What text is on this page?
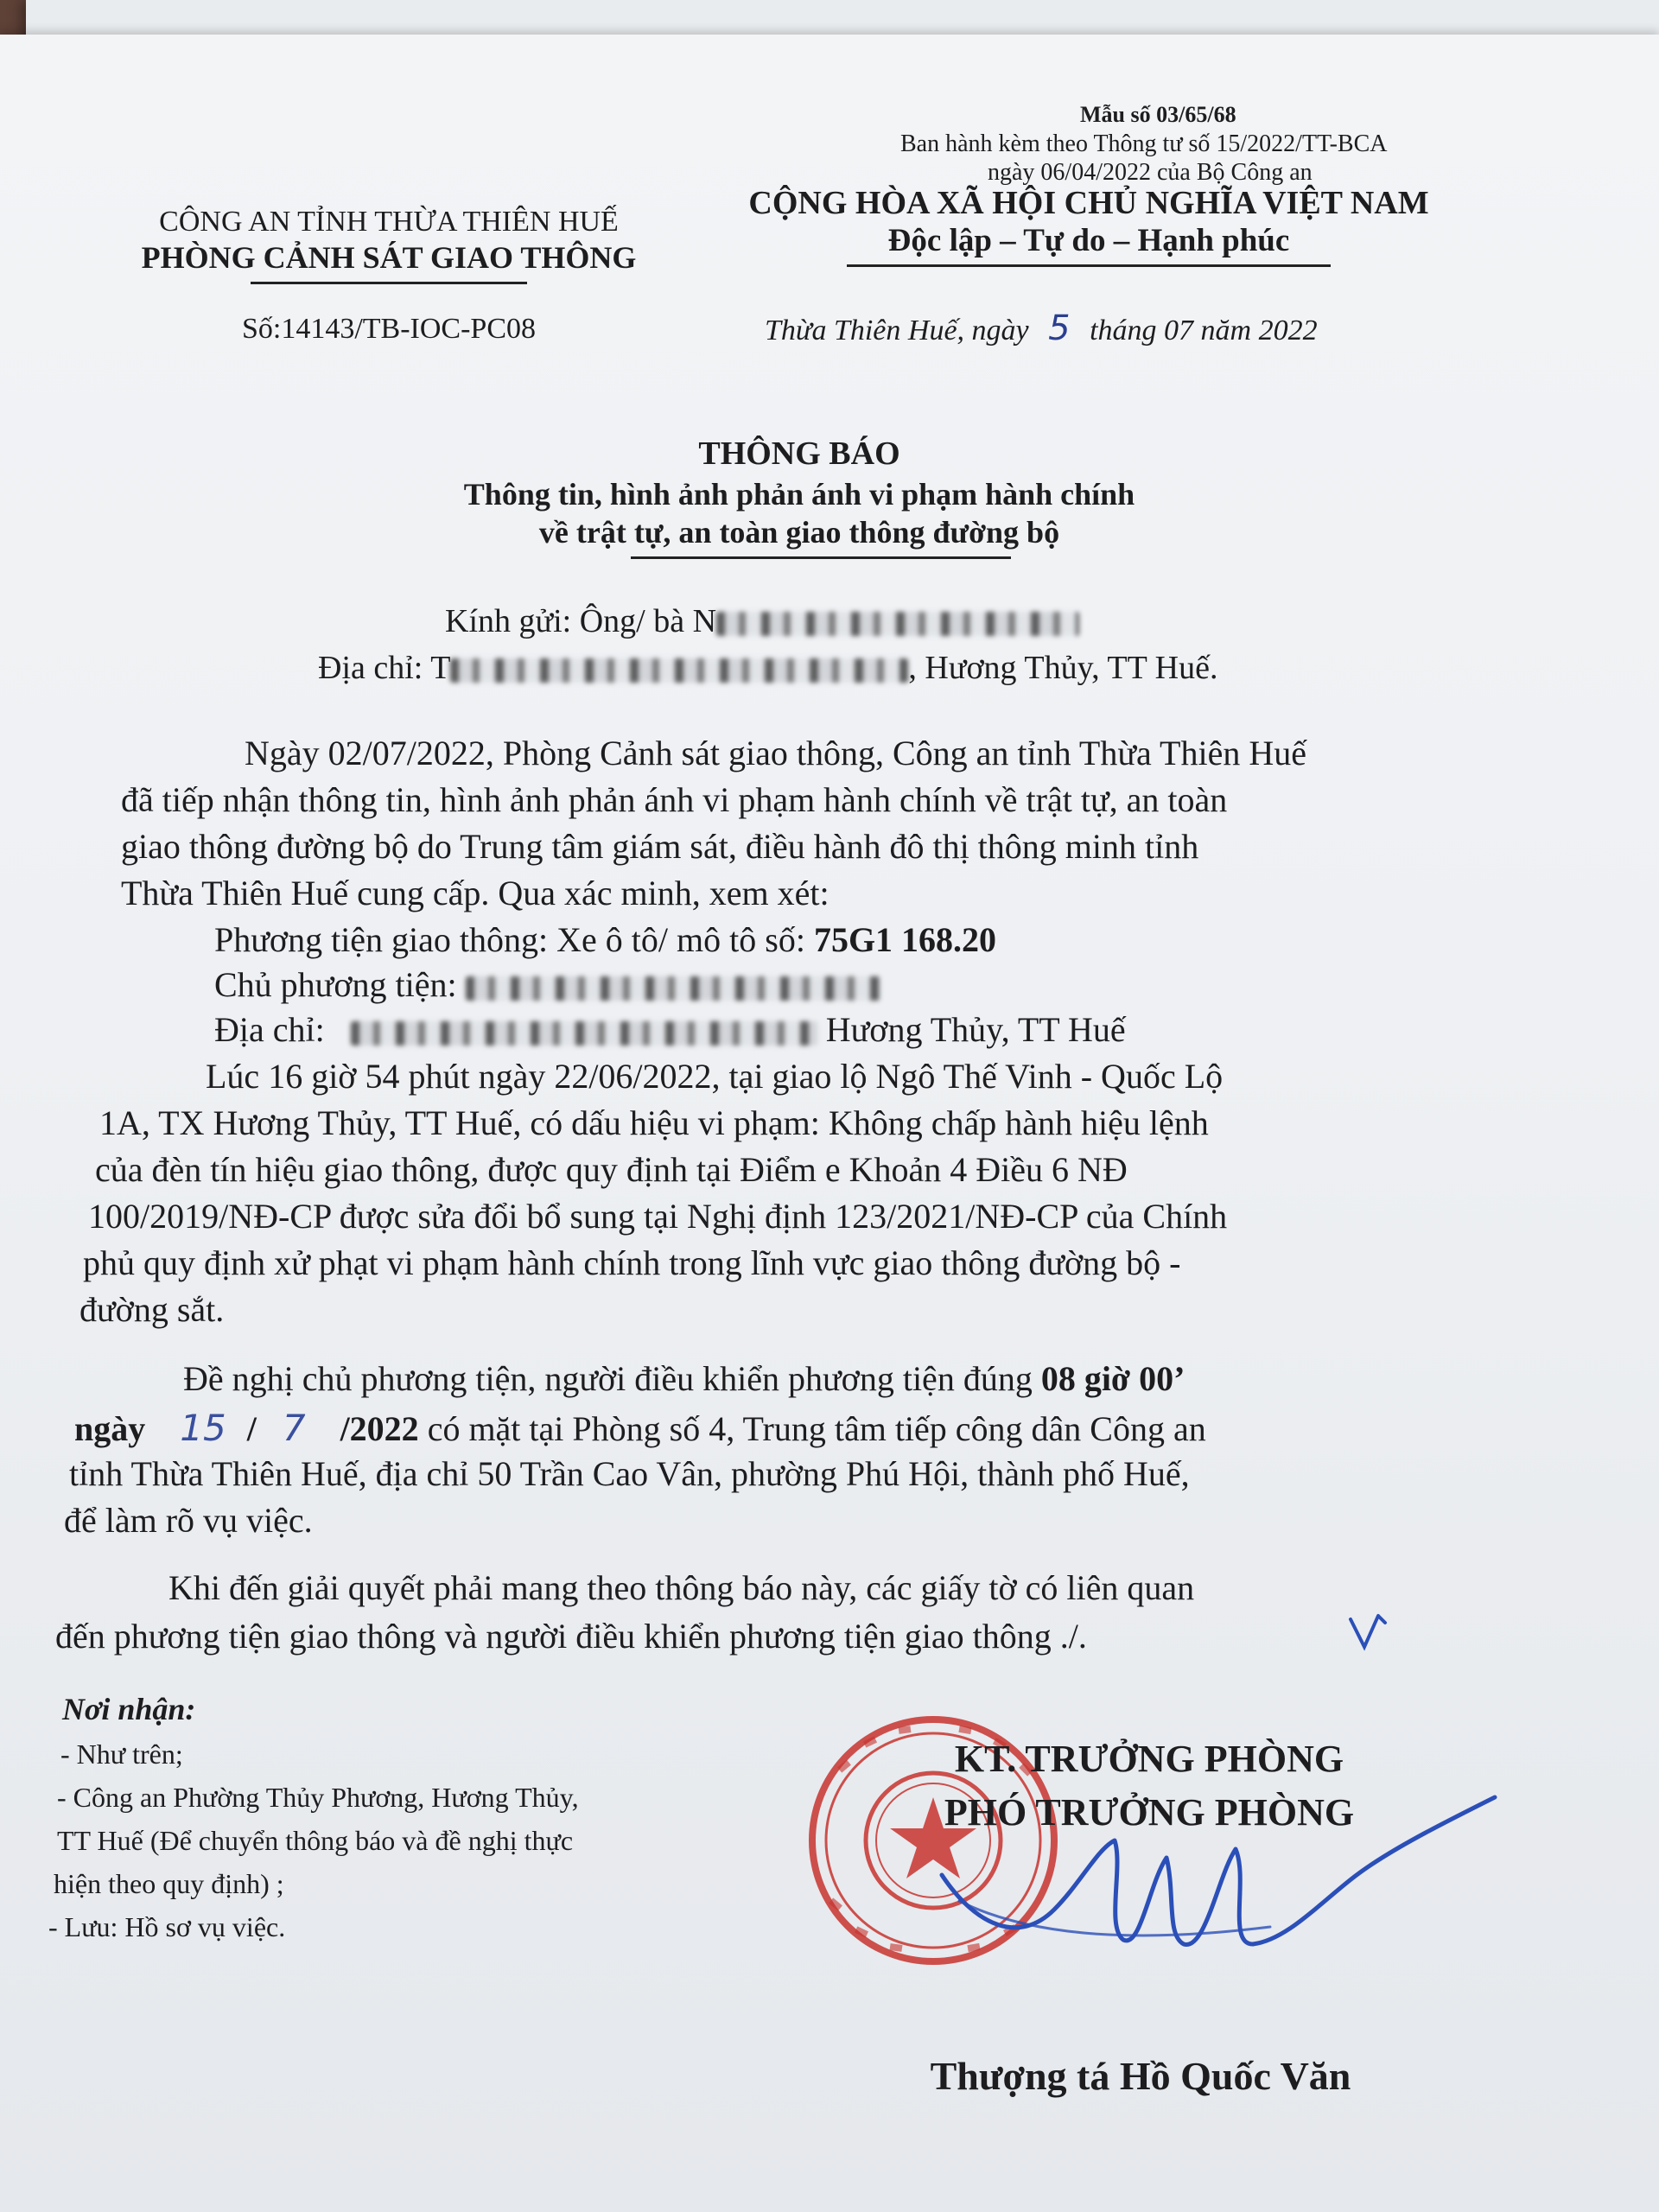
Mẫu số 03/65/68
Ban hành kèm theo Thông tư số 15/2022/TT-BCA
ngày 06/04/2022 của Bộ Công an
CÔNG AN TỈNH THỪA THIÊN HUẾ
PHÒNG CẢNH SÁT GIAO THÔNG
Số:14143/TB-IOC-PC08
CỘNG HÒA XÃ HỘI CHỦ NGHĨA VIỆT NAM
Độc lập – Tự do – Hạnh phúc
Thừa Thiên Huế, ngày 5 tháng 07 năm 2022
THÔNG BÁO
Thông tin, hình ảnh phản ánh vi phạm hành chính
về trật tự, an toàn giao thông đường bộ
Kính gửi: Ông/ bà N
Địa chỉ: T	, Hương Thủy, TT Huế.
Ngày 02/07/2022, Phòng Cảnh sát giao thông, Công an tỉnh Thừa Thiên Huế
đã tiếp nhận thông tin, hình ảnh phản ánh vi phạm hành chính về trật tự, an toàn
giao thông đường bộ do Trung tâm giám sát, điều hành đô thị thông minh tỉnh
Thừa Thiên Huế cung cấp. Qua xác minh, xem xét:
Phương tiện giao thông: Xe ô tô/ mô tô số: 75G1 168.20
Chủ phương tiện:
Địa chỉ:	Hương Thủy, TT Huế
Lúc 16 giờ 54 phút ngày 22/06/2022, tại giao lộ Ngô Thế Vinh - Quốc Lộ
1A, TX Hương Thủy, TT Huế, có dấu hiệu vi phạm: Không chấp hành hiệu lệnh
của đèn tín hiệu giao thông, được quy định tại Điểm e Khoản 4 Điều 6 NĐ
100/2019/NĐ-CP được sửa đổi bổ sung tại Nghị định 123/2021/NĐ-CP của Chính
phủ quy định xử phạt vi phạm hành chính trong lĩnh vực giao thông đường bộ -
đường sắt.
Đề nghị chủ phương tiện, người điều khiển phương tiện đúng 08 giờ 00’
ngày 15 / 7 /2022 có mặt tại Phòng số 4, Trung tâm tiếp công dân Công an
tỉnh Thừa Thiên Huế, địa chỉ 50 Trần Cao Vân, phường Phú Hội, thành phố Huế,
để làm rõ vụ việc.
Khi đến giải quyết phải mang theo thông báo này, các giấy tờ có liên quan
đến phương tiện giao thông và người điều khiển phương tiện giao thông ./.
Nơi nhận:
- Như trên;
- Công an Phường Thủy Phương, Hương Thủy,
TT Huế (Để chuyển thông báo và đề nghị thực
hiện theo quy định) ;
- Lưu: Hồ sơ vụ việc.
KT. TRƯỞNG PHÒNG
PHÓ TRƯỞNG PHÒNG
Thượng tá Hồ Quốc Văn
